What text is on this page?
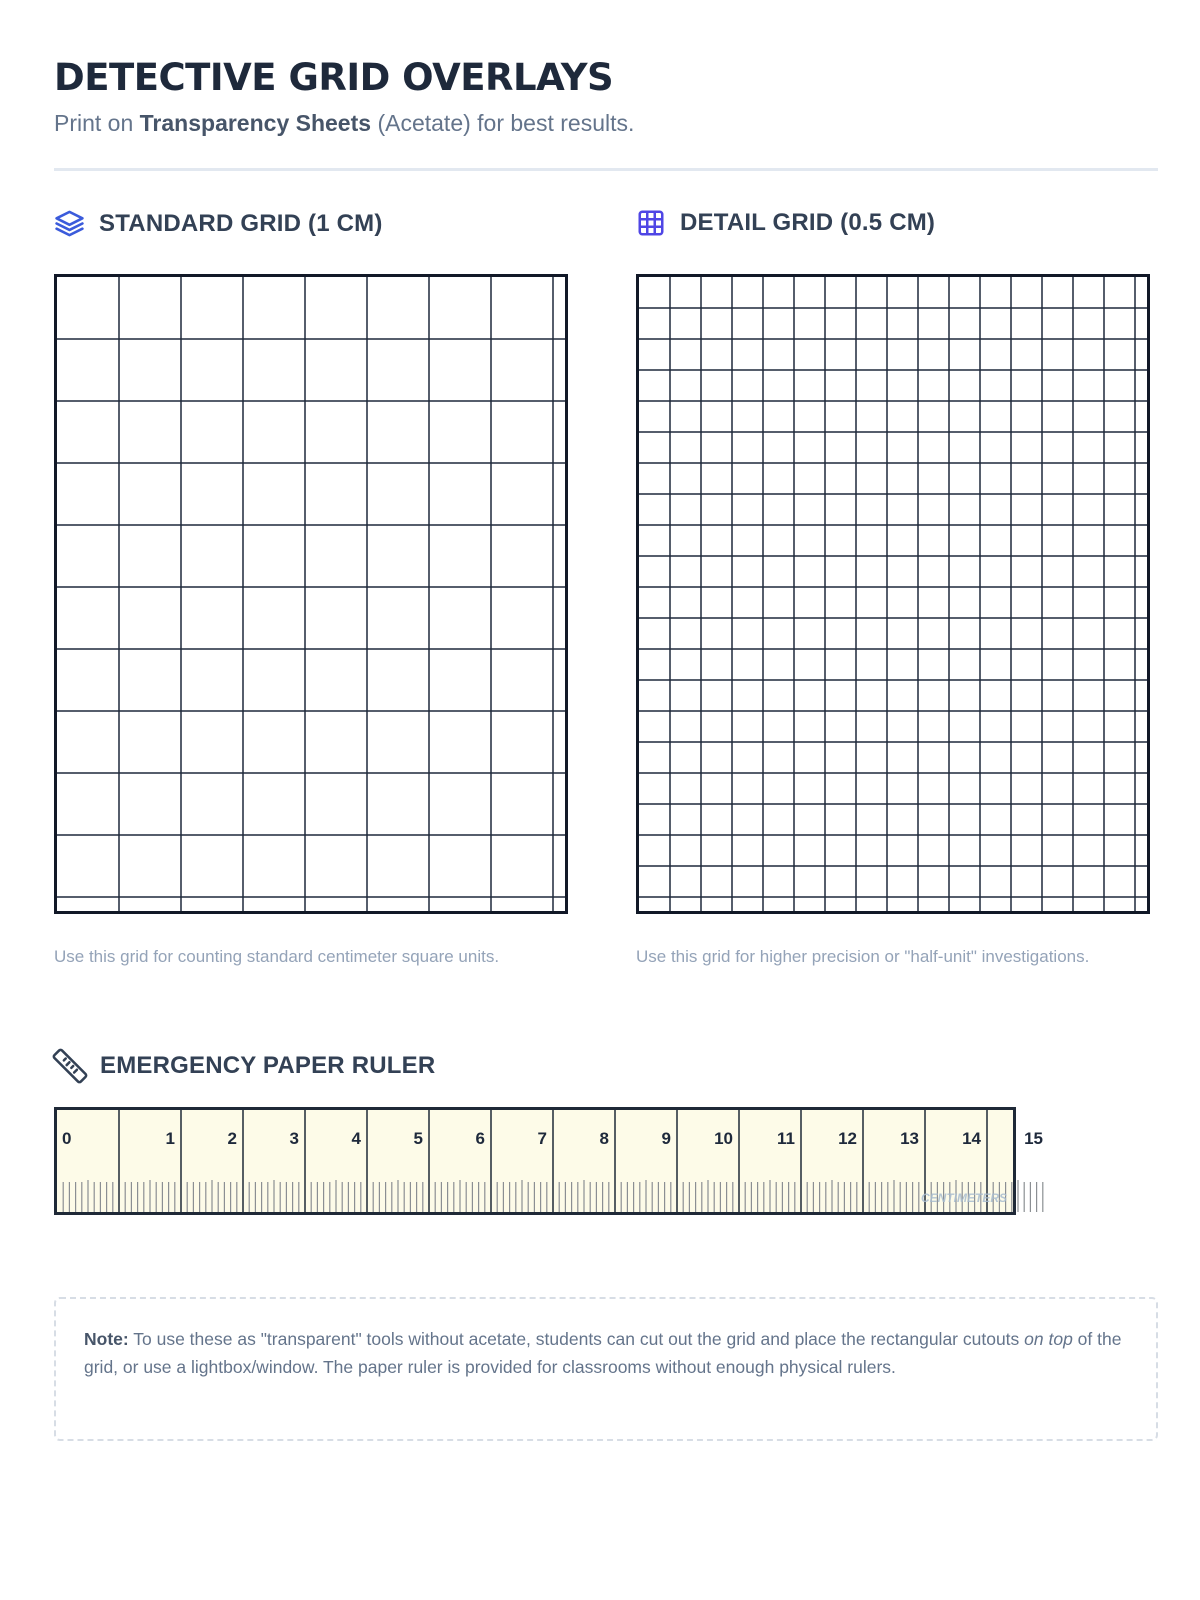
DETECTIVE GRID OVERLAYS
Print on Transparency Sheets (Acetate) for best results.
STANDARD GRID (1 CM)
Use this grid for counting standard centimeter square units.
DETAIL GRID (0.5 CM)
Use this grid for higher precision or "half-unit" investigations.
EMERGENCY PAPER RULER
0	1	2	3	4	5	6	7	8	9	10	11	12	13	14	15
CENTIMETERS
Note: To use these as "transparent" tools without acetate, students can cut out the grid and place the rectangular cutouts on top of the grid, or use a lightbox/window. The paper ruler is provided for classrooms without enough physical rulers.
